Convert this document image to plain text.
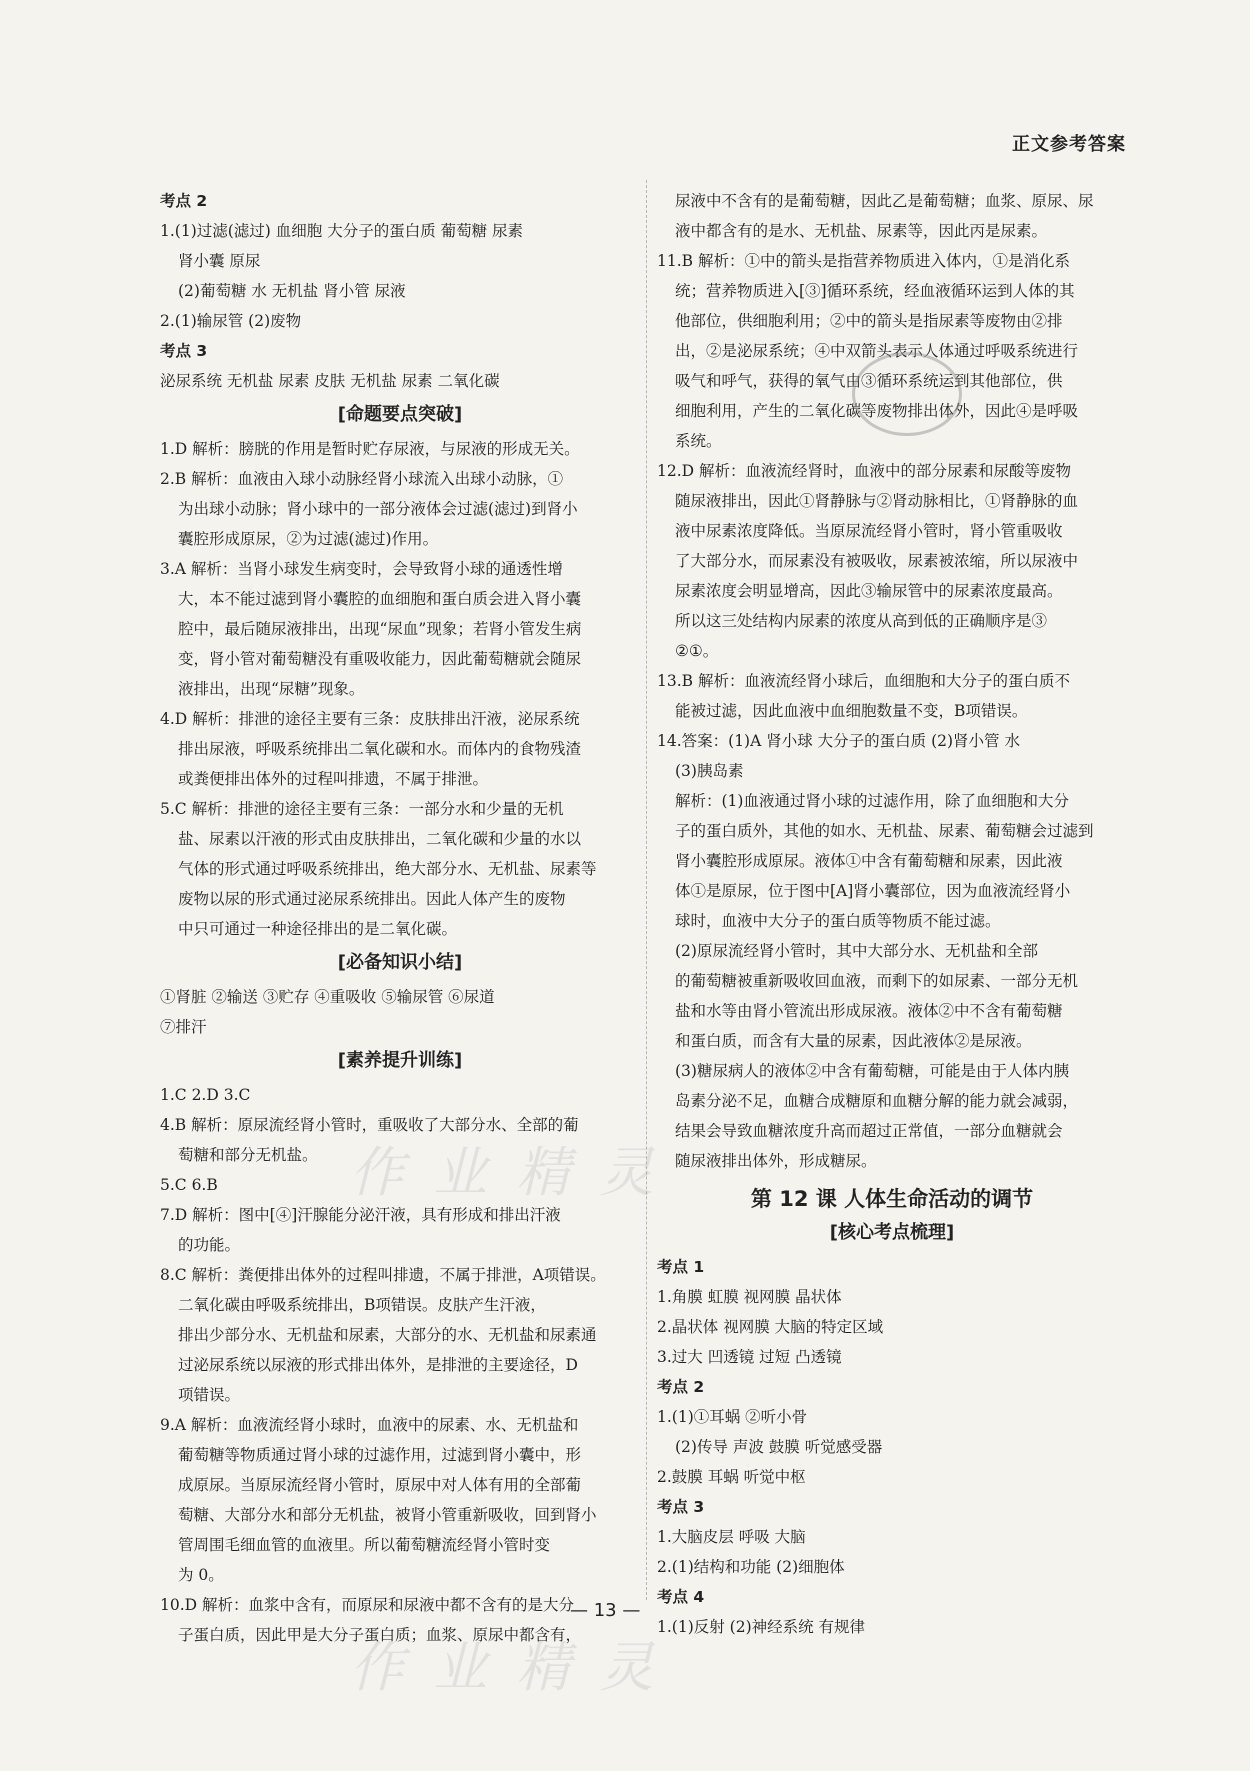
正文参考答案
考点 2
1.(1)过滤(滤过) 血细胞 大分子的蛋白质 葡萄糖 尿素
肾小囊 原尿
(2)葡萄糖 水 无机盐 肾小管 尿液
2.(1)输尿管 (2)废物
考点 3
泌尿系统 无机盐 尿素 皮肤 无机盐 尿素 二氧化碳
[命题要点突破]
1.D 解析：膀胱的作用是暂时贮存尿液，与尿液的形成无关。
2.B 解析：血液由入球小动脉经肾小球流入出球小动脉，①
为出球小动脉；肾小球中的一部分液体会过滤(滤过)到肾小
囊腔形成原尿，②为过滤(滤过)作用。
3.A 解析：当肾小球发生病变时，会导致肾小球的通透性增
大，本不能过滤到肾小囊腔的血细胞和蛋白质会进入肾小囊
腔中，最后随尿液排出，出现“尿血”现象；若肾小管发生病
变，肾小管对葡萄糖没有重吸收能力，因此葡萄糖就会随尿
液排出，出现“尿糖”现象。
4.D 解析：排泄的途径主要有三条：皮肤排出汗液，泌尿系统
排出尿液，呼吸系统排出二氧化碳和水。而体内的食物残渣
或粪便排出体外的过程叫排遗，不属于排泄。
5.C 解析：排泄的途径主要有三条：一部分水和少量的无机
盐、尿素以汗液的形式由皮肤排出，二氧化碳和少量的水以
气体的形式通过呼吸系统排出，绝大部分水、无机盐、尿素等
废物以尿的形式通过泌尿系统排出。因此人体产生的废物
中只可通过一种途径排出的是二氧化碳。
[必备知识小结]
①肾脏 ②输送 ③贮存 ④重吸收 ⑤输尿管 ⑥尿道
⑦排汗
[素养提升训练]
1.C 2.D 3.C
4.B 解析：原尿流经肾小管时，重吸收了大部分水、全部的葡
萄糖和部分无机盐。
5.C 6.B
7.D 解析：图中[④]汗腺能分泌汗液，具有形成和排出汗液
的功能。
8.C 解析：粪便排出体外的过程叫排遗，不属于排泄，A项错误。
二氧化碳由呼吸系统排出，B项错误。皮肤产生汗液，
排出少部分水、无机盐和尿素，大部分的水、无机盐和尿素通
过泌尿系统以尿液的形式排出体外，是排泄的主要途径，D
项错误。
9.A 解析：血液流经肾小球时，血液中的尿素、水、无机盐和
葡萄糖等物质通过肾小球的过滤作用，过滤到肾小囊中，形
成原尿。当原尿流经肾小管时，原尿中对人体有用的全部葡
萄糖、大部分水和部分无机盐，被肾小管重新吸收，回到肾小
管周围毛细血管的血液里。所以葡萄糖流经肾小管时变
为 0。
10.D 解析：血浆中含有，而原尿和尿液中都不含有的是大分
子蛋白质，因此甲是大分子蛋白质；血浆、原尿中都含有，
尿液中不含有的是葡萄糖，因此乙是葡萄糖；血浆、原尿、尿
液中都含有的是水、无机盐、尿素等，因此丙是尿素。
11.B 解析：①中的箭头是指营养物质进入体内，①是消化系
统；营养物质进入[③]循环系统，经血液循环运到人体的其
他部位，供细胞利用；②中的箭头是指尿素等废物由②排
出，②是泌尿系统；④中双箭头表示人体通过呼吸系统进行
吸气和呼气，获得的氧气由③循环系统运到其他部位，供
细胞利用，产生的二氧化碳等废物排出体外，因此④是呼吸
系统。
12.D 解析：血液流经肾时，血液中的部分尿素和尿酸等废物
随尿液排出，因此①肾静脉与②肾动脉相比，①肾静脉的血
液中尿素浓度降低。当原尿流经肾小管时，肾小管重吸收
了大部分水，而尿素没有被吸收，尿素被浓缩，所以尿液中
尿素浓度会明显增高，因此③输尿管中的尿素浓度最高。
所以这三处结构内尿素的浓度从高到低的正确顺序是③
②①。
13.B 解析：血液流经肾小球后，血细胞和大分子的蛋白质不
能被过滤，因此血液中血细胞数量不变，B项错误。
14.答案：(1)A 肾小球 大分子的蛋白质 (2)肾小管 水
(3)胰岛素
解析：(1)血液通过肾小球的过滤作用，除了血细胞和大分
子的蛋白质外，其他的如水、无机盐、尿素、葡萄糖会过滤到
肾小囊腔形成原尿。液体①中含有葡萄糖和尿素，因此液
体①是原尿，位于图中[A]肾小囊部位，因为血液流经肾小
球时，血液中大分子的蛋白质等物质不能过滤。
(2)原尿流经肾小管时，其中大部分水、无机盐和全部
的葡萄糖被重新吸收回血液，而剩下的如尿素、一部分无机
盐和水等由肾小管流出形成尿液。液体②中不含有葡萄糖
和蛋白质，而含有大量的尿素，因此液体②是尿液。
(3)糖尿病人的液体②中含有葡萄糖，可能是由于人体内胰
岛素分泌不足，血糖合成糖原和血糖分解的能力就会减弱，
结果会导致血糖浓度升高而超过正常值，一部分血糖就会
随尿液排出体外，形成糖尿。
第 12 课 人体生命活动的调节
[核心考点梳理]
考点 1
1.角膜 虹膜 视网膜 晶状体
2.晶状体 视网膜 大脑的特定区域
3.过大 凹透镜 过短 凸透镜
考点 2
1.(1)①耳蜗 ②听小骨
(2)传导 声波 鼓膜 听觉感受器
2.鼓膜 耳蜗 听觉中枢
考点 3
1.大脑皮层 呼吸 大脑
2.(1)结构和功能 (2)细胞体
考点 4
1.(1)反射 (2)神经系统 有规律
作 业 精 灵
作 业 精 灵
— 13 —
